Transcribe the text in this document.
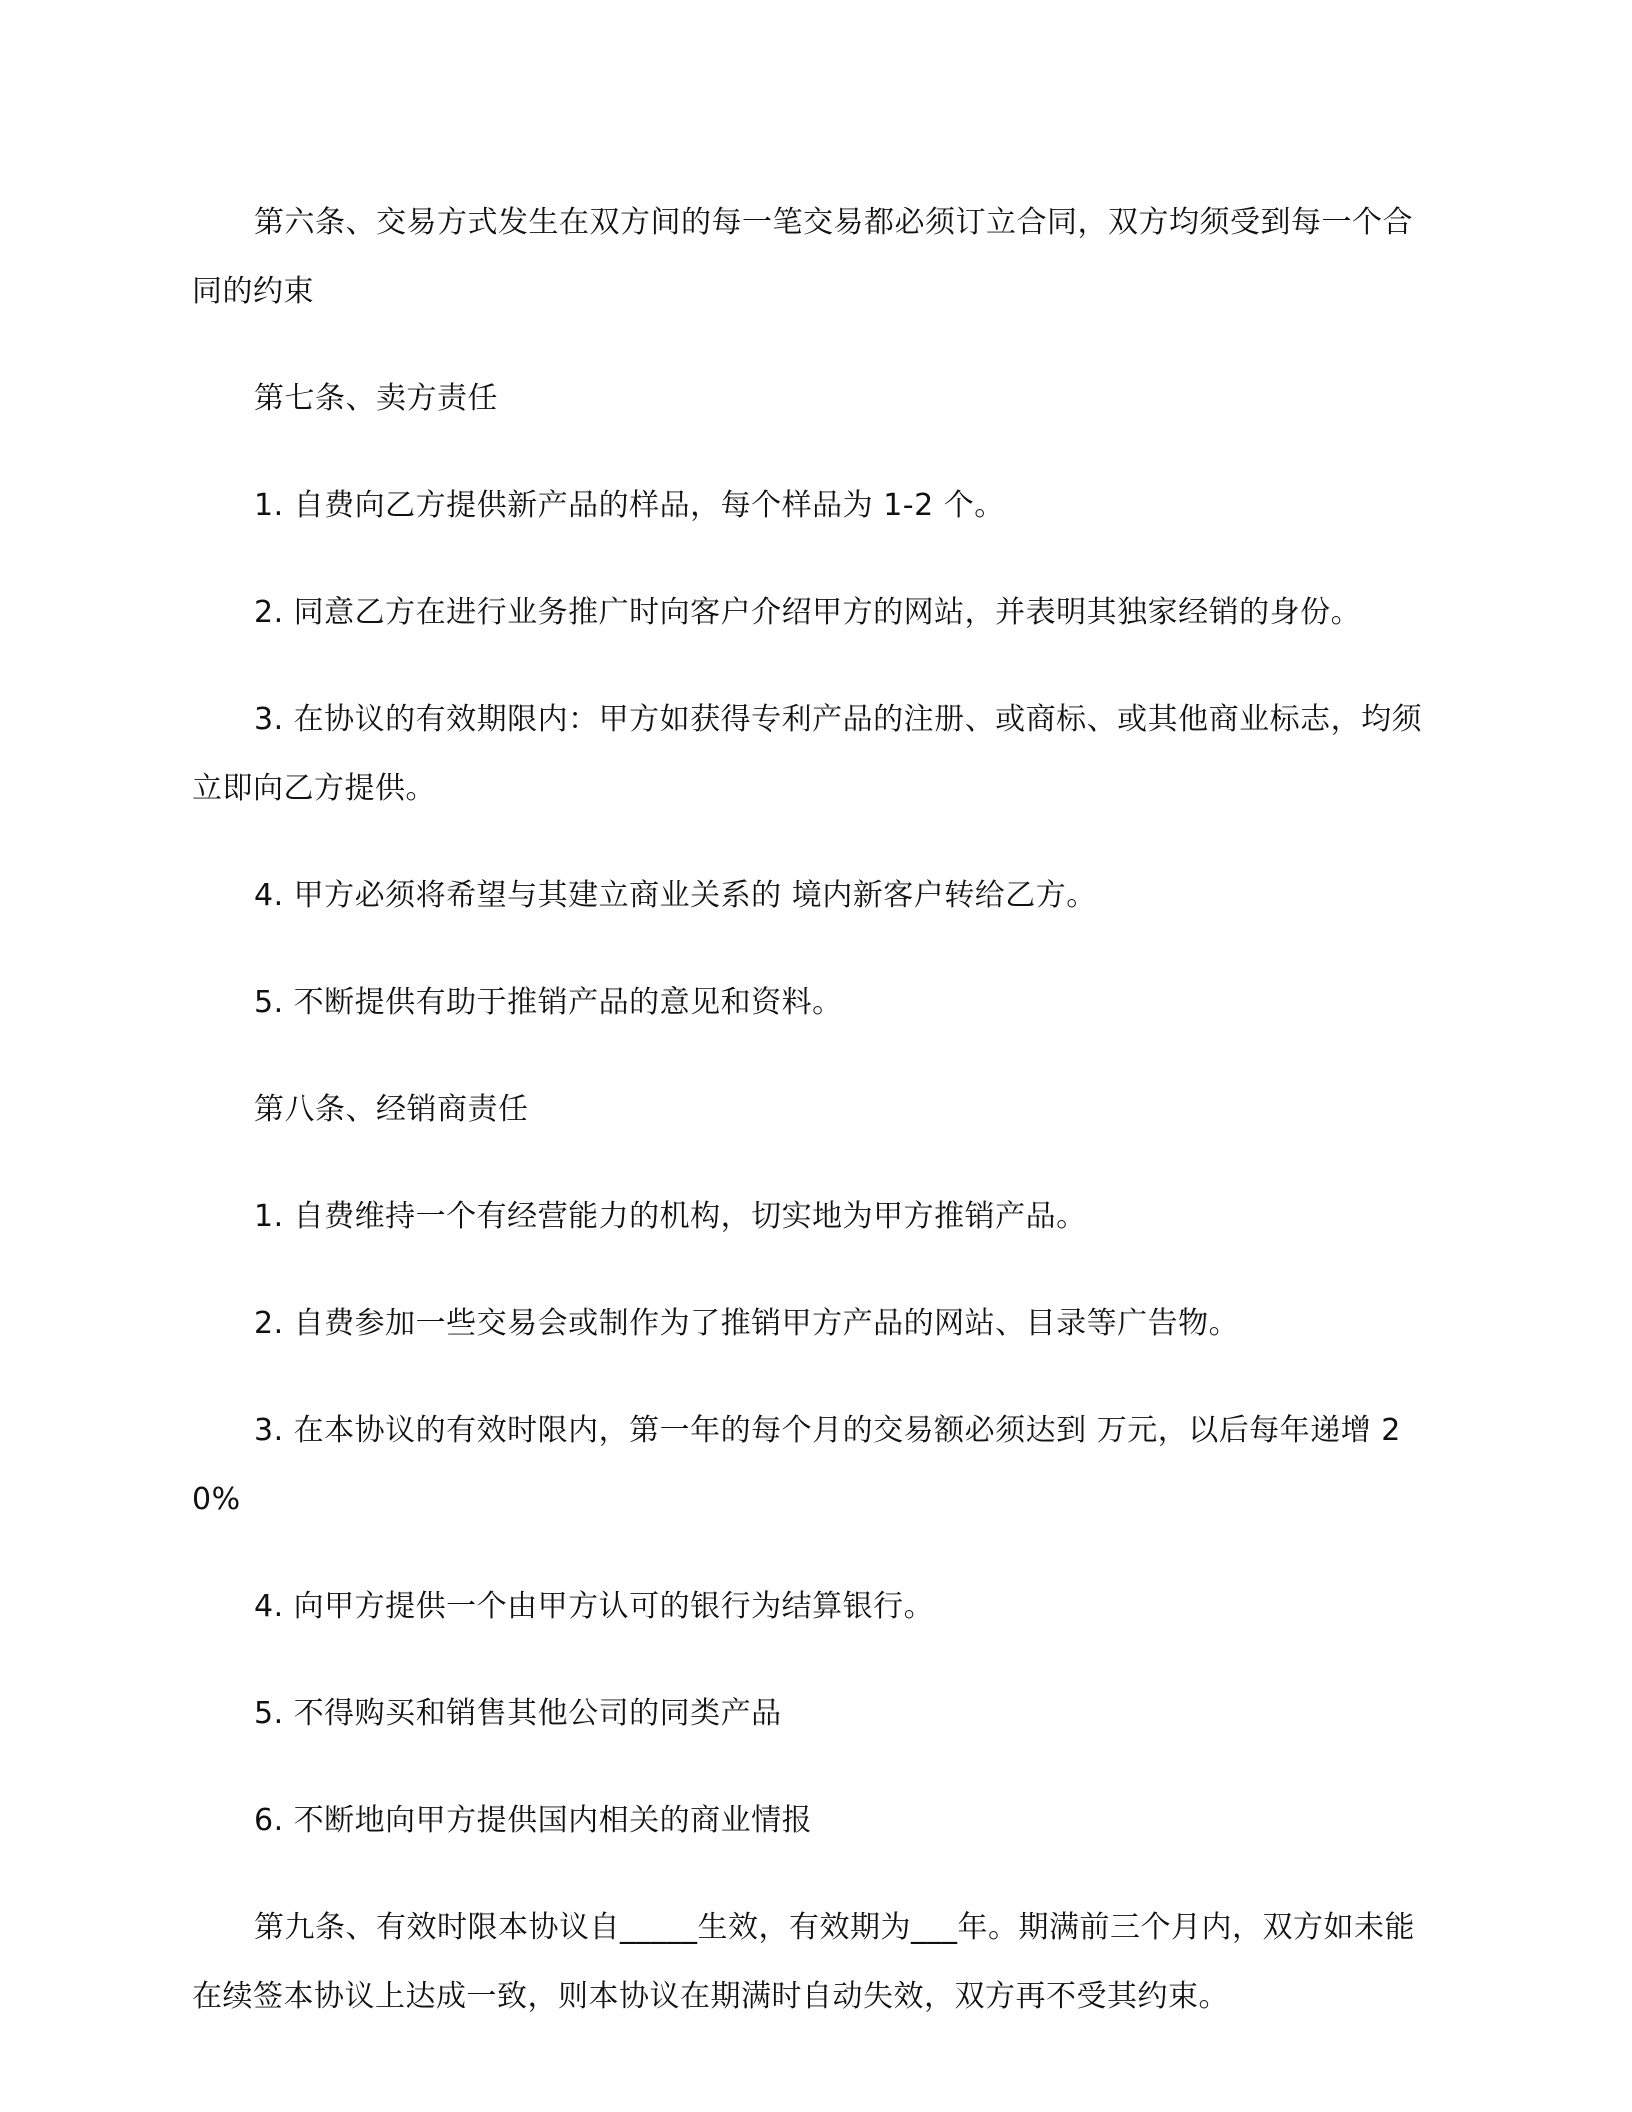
第六条、交易方式发生在双方间的每一笔交易都必须订立合同，双方均须受到每一个合同的约束

第七条、卖方责任

1. 自费向乙方提供新产品的样品，每个样品为 1-2 个。

2. 同意乙方在进行业务推广时向客户介绍甲方的网站，并表明其独家经销的身份。

3. 在协议的有效期限内：甲方如获得专利产品的注册、或商标、或其他商业标志，均须立即向乙方提供。

4. 甲方必须将希望与其建立商业关系的 境内新客户转给乙方。

5. 不断提供有助于推销产品的意见和资料。

第八条、经销商责任

1. 自费维持一个有经营能力的机构，切实地为甲方推销产品。

2. 自费参加一些交易会或制作为了推销甲方产品的网站、目录等广告物。

3. 在本协议的有效时限内，第一年的每个月的交易额必须达到 万元，以后每年递增 20%

4. 向甲方提供一个由甲方认可的银行为结算银行。

5. 不得购买和销售其他公司的同类产品

6. 不断地向甲方提供国内相关的商业情报

第九条、有效时限本协议自_____生效，有效期为___年。期满前三个月内，双方如未能在续签本协议上达成一致，则本协议在期满时自动失效，双方再不受其约束。
